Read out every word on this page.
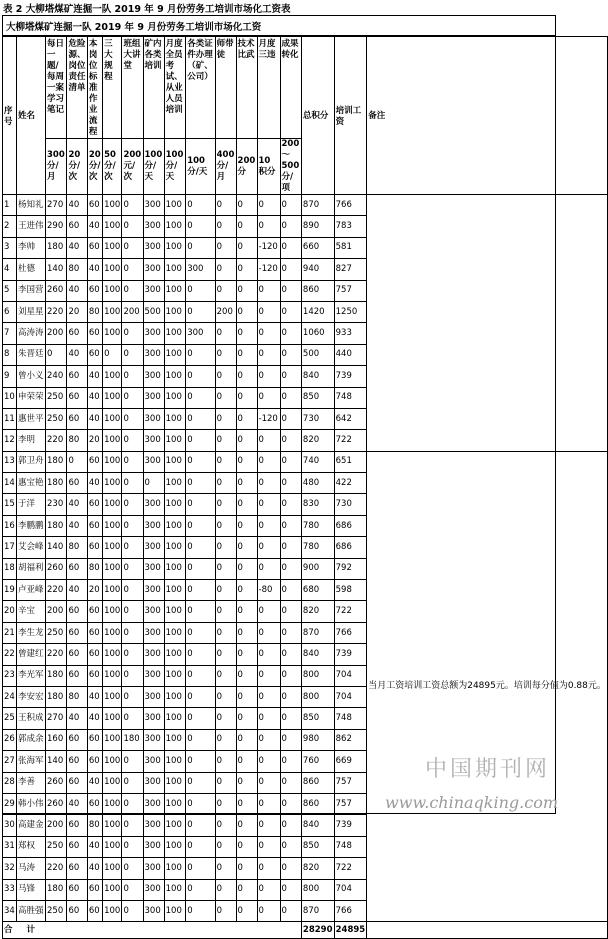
表 2 大柳塔煤矿连掘一队 2019 年 9 月份劳务工培训市场化工资表
大柳塔煤矿连掘一队 2019 年 9 月份劳务工培训市场化工资
序号	姓名	每日一题/每周一案学习笔记	危险源、岗位责任清单	本岗位标准作业流程	三大规程	班组大讲堂	矿内各类培训	月度全员考试、从业人员培训	各类证件办理（矿、公司）	师带徒	技术比武	月度三违	成果转化	总积分	培训工资	备注
		300分/月	20分/次	20分/次	50分/次	200元/次	100分/天	100分/天	100分/天	400分/月	200分	10积分	200～500分/项			
1	杨知礼	270	40	60	100	0	300	100	0	0	0	0	0	870	766	
2	王进伟	290	60	40	100	0	300	100	0	0	0	0	0	890	783	
3	李帅	180	40	60	100	0	300	100	0	0	0	-120	0	660	581	
4	杜德	140	80	40	100	0	300	100	300	0	0	-120	0	940	827	
5	李国营	260	40	60	100	0	300	100	0	0	0	0	0	860	757	
6	刘星星	220	20	80	100	200	500	100	0	200	0	0	0	1420	1250	
7	高涛涛	200	60	60	100	0	300	100	300	0	0	0	0	1060	933	
8	朱晋廷	0	40	60	0	0	300	100	0	0	0	0	0	500	440	
9	曾小义	240	60	40	100	0	300	100	0	0	0	0	0	840	739	
10	申荣荣	250	60	40	100	0	300	100	0	0	0	0	0	850	748	
11	惠世平	250	60	40	100	0	300	100	0	0	0	-120	0	730	642	
12	李明	220	80	20	100	0	300	100	0	0	0	0	0	820	722	
13	郭卫舟	180	0	60	100	0	300	100	0	0	0	0	0	740	651	当月工资培训工资总额为24895元。培训每分值为0.88元。
14	惠宝艳	180	60	40	100	0	0	100	0	0	0	0	0	480	422	
15	于洋	230	40	60	100	0	300	100	0	0	0	0	0	830	730	
16	李鹏鹏	180	40	60	100	0	300	100	0	0	0	0	0	780	686	
17	艾会峰	140	80	60	100	0	300	100	0	0	0	0	0	780	686	
18	胡福利	260	60	80	100	0	300	100	0	0	0	0	0	900	792	
19	卢亚峰	220	40	20	100	0	300	100	0	0	0	-80	0	680	598	
20	辛宝	200	60	60	100	0	300	100	0	0	0	0	0	820	722	
21	李生龙	250	60	60	100	0	300	100	0	0	0	0	0	870	766	
22	曾建红	220	60	60	100	0	300	100	0	0	0	0	0	840	739	
23	李光军	180	60	60	100	0	300	100	0	0	0	0	0	800	704	
24	李安宏	180	80	40	100	0	300	100	0	0	0	0	0	800	704	
25	王积成	270	40	40	100	0	300	100	0	0	0	0	0	850	748	
26	郭成余	160	60	60	100	180	300	100	0	0	0	0	0	980	862	
27	张海军	140	60	60	100	0	300	100	0	0	0	0	0	760	669	
28	李善	260	60	40	100	0	300	100	0	0	0	0	0	860	757	
29	韩小伟	260	40	60	100	0	300	100	0	0	0	0	0	860	757	
30	高建金	200	60	80	100	0	300	100	0	0	0	0	0	840	739	
31	郑权	250	60	40	100	0	300	100	0	0	0	0	0	850	748	
32	马涛	220	60	40	100	0	300	100	0	0	0	0	0	820	722	
33	马锋	180	60	60	100	0	300	100	0	0	0	0	0	800	704	
34	高胜强	250	60	60	100	0	300	100	0	0	0	0	0	870	766	
合计														28290	24895	
中国期刊网
www.chinaqking.com
